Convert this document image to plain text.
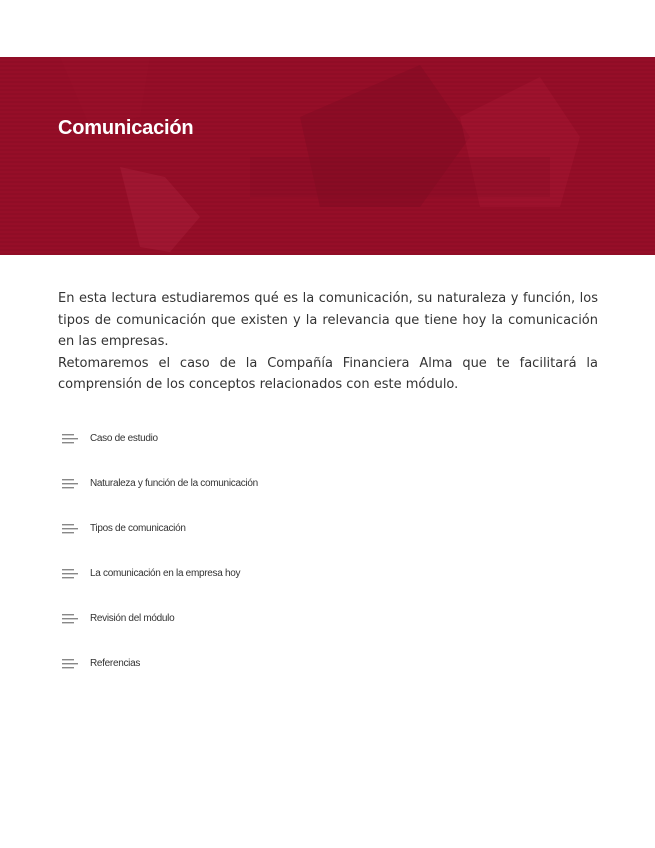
Comunicación

En esta lectura estudiaremos qué es la comunicación, su naturaleza y función, los tipos de comunicación que existen y la relevancia que tiene hoy la comunicación en las empresas.

Retomaremos el caso de la Compañía Financiera Alma que te facilitará la comprensión de los conceptos relacionados con este módulo.

Caso de estudio
Naturaleza y función de la comunicación
Tipos de comunicación
La comunicación en la empresa hoy
Revisión del módulo
Referencias
